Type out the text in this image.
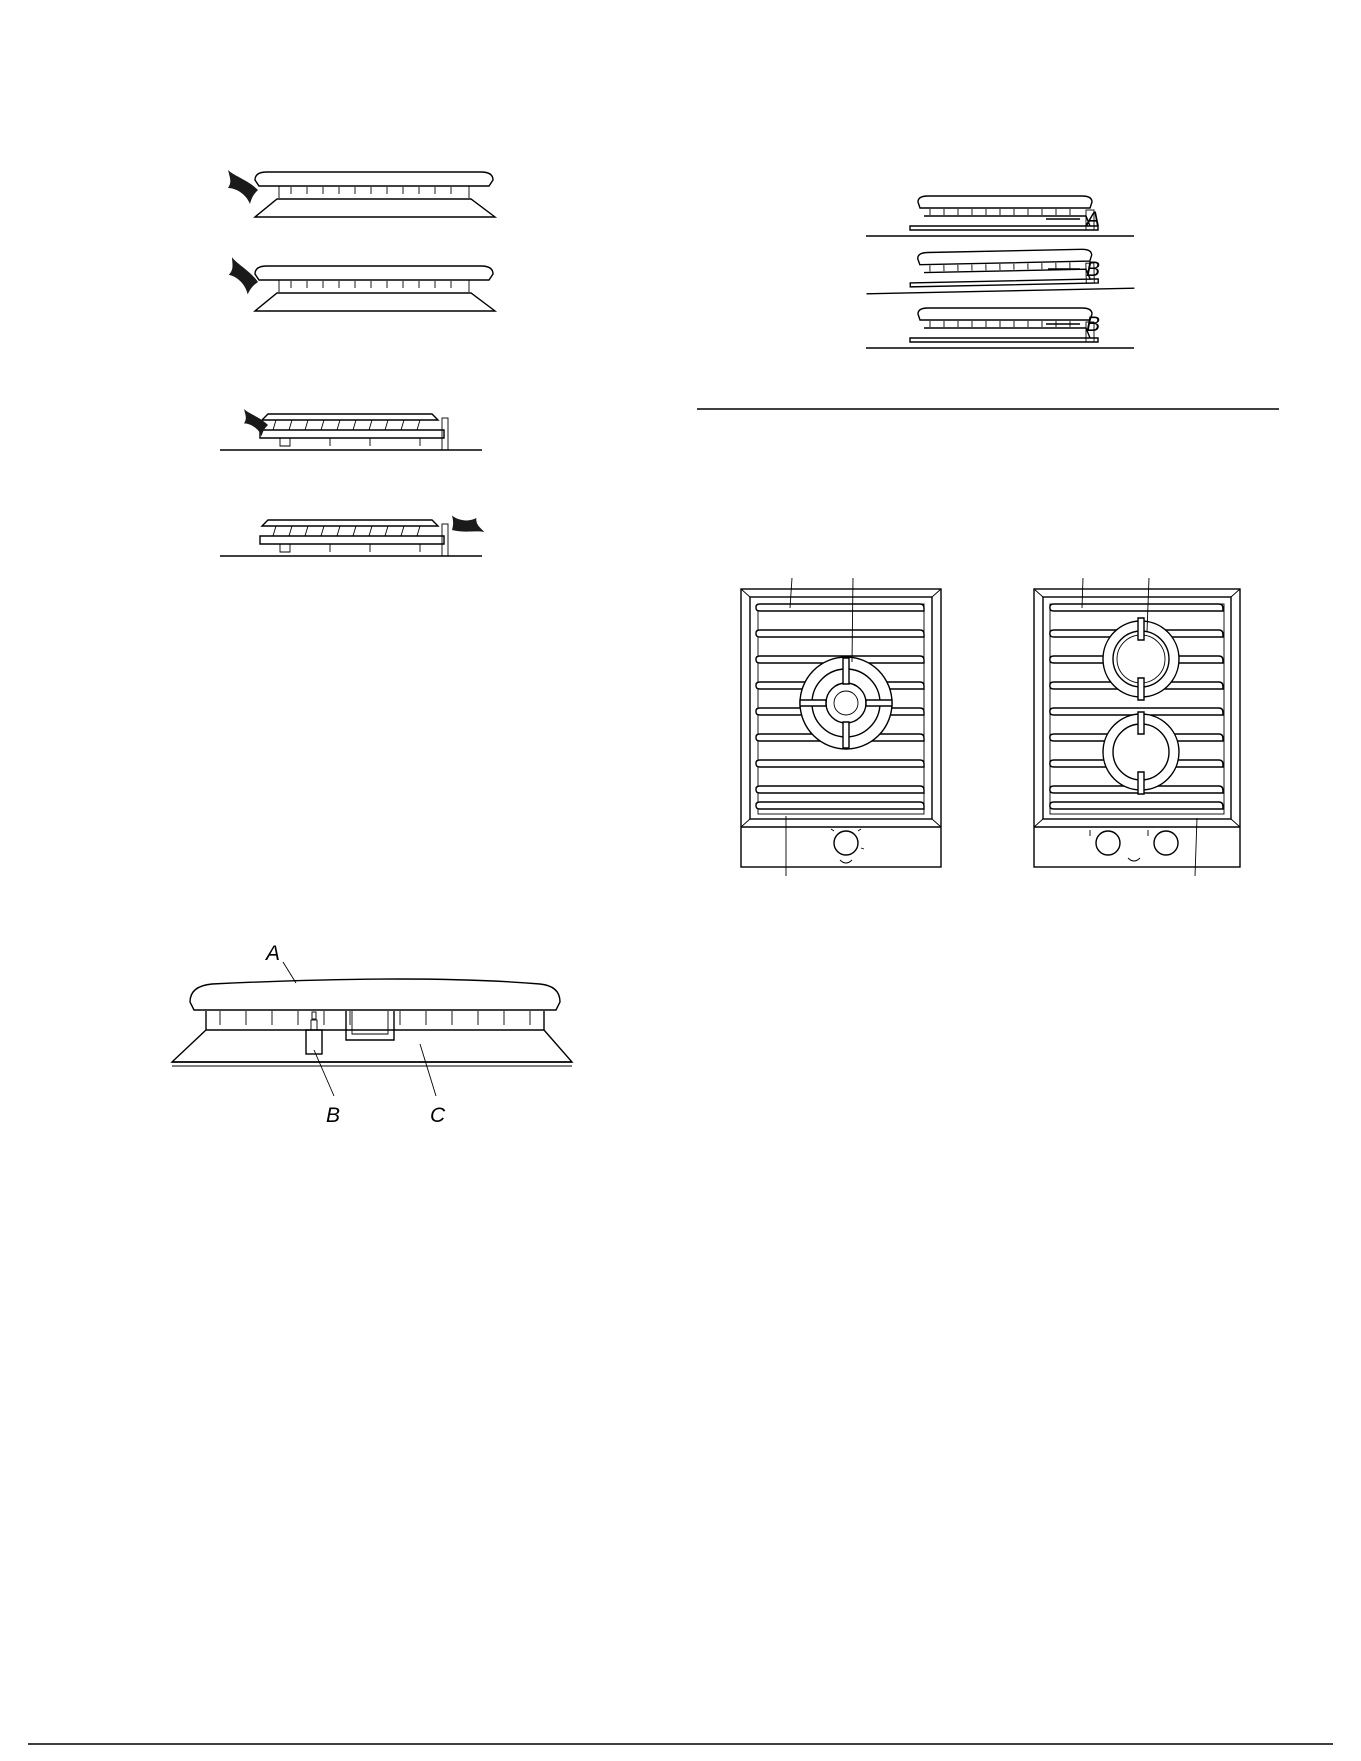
A
B	C
A
B
B
